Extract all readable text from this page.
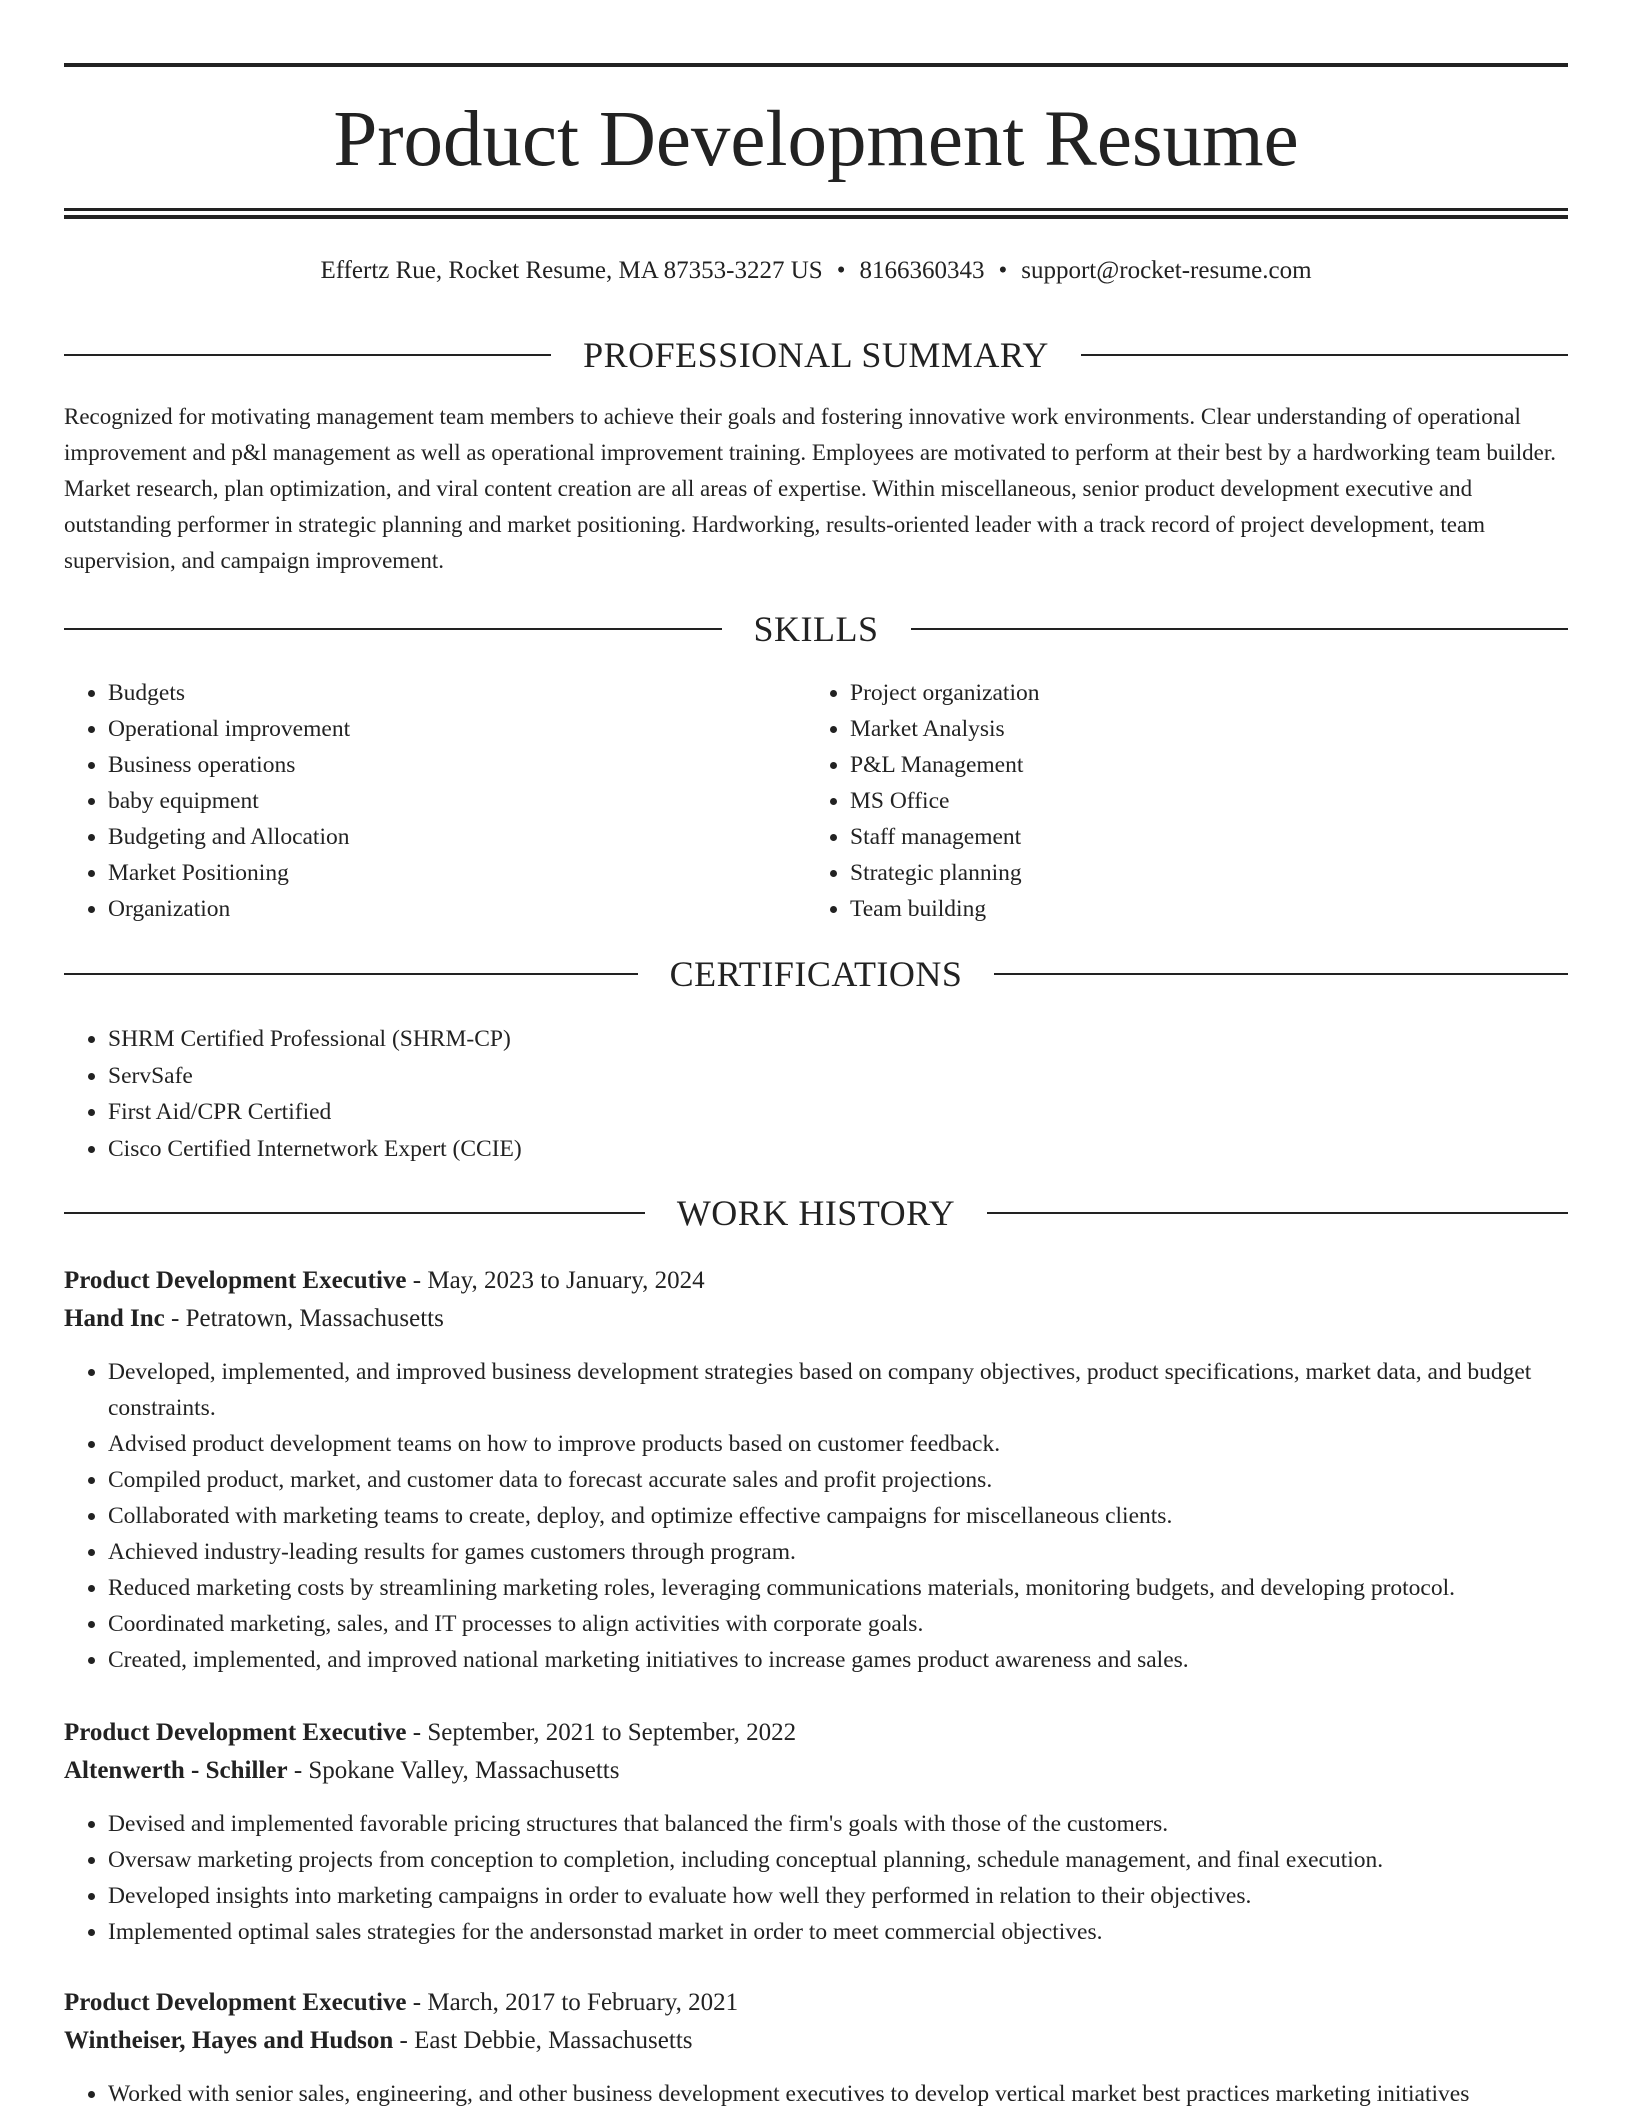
Product Development Resume
Effertz Rue, Rocket Resume, MA 87353-3227 US • 8166360343 • support@rocket-resume.com
PROFESSIONAL SUMMARY
Recognized for motivating management team members to achieve their goals and fostering innovative work environments. Clear understanding of operational improvement and p&l management as well as operational improvement training. Employees are motivated to perform at their best by a hardworking team builder. Market research, plan optimization, and viral content creation are all areas of expertise. Within miscellaneous, senior product development executive and outstanding performer in strategic planning and market positioning. Hardworking, results-oriented leader with a track record of project development, team supervision, and campaign improvement.
SKILLS
• Budgets
• Operational improvement
• Business operations
• baby equipment
• Budgeting and Allocation
• Market Positioning
• Organization
• Project organization
• Market Analysis
• P&L Management
• MS Office
• Staff management
• Strategic planning
• Team building
CERTIFICATIONS
• SHRM Certified Professional (SHRM-CP)
• ServSafe
• First Aid/CPR Certified
• Cisco Certified Internetwork Expert (CCIE)
WORK HISTORY
Product Development Executive - May, 2023 to January, 2024
Hand Inc - Petratown, Massachusetts
• Developed, implemented, and improved business development strategies based on company objectives, product specifications, market data, and budget constraints.
• Advised product development teams on how to improve products based on customer feedback.
• Compiled product, market, and customer data to forecast accurate sales and profit projections.
• Collaborated with marketing teams to create, deploy, and optimize effective campaigns for miscellaneous clients.
• Achieved industry-leading results for games customers through program.
• Reduced marketing costs by streamlining marketing roles, leveraging communications materials, monitoring budgets, and developing protocol.
• Coordinated marketing, sales, and IT processes to align activities with corporate goals.
• Created, implemented, and improved national marketing initiatives to increase games product awareness and sales.
Product Development Executive - September, 2021 to September, 2022
Altenwerth - Schiller - Spokane Valley, Massachusetts
• Devised and implemented favorable pricing structures that balanced the firm's goals with those of the customers.
• Oversaw marketing projects from conception to completion, including conceptual planning, schedule management, and final execution.
• Developed insights into marketing campaigns in order to evaluate how well they performed in relation to their objectives.
• Implemented optimal sales strategies for the andersonstad market in order to meet commercial objectives.
Product Development Executive - March, 2017 to February, 2021
Wintheiser, Hayes and Hudson - East Debbie, Massachusetts
• Worked with senior sales, engineering, and other business development executives to develop vertical market best practices marketing initiatives
